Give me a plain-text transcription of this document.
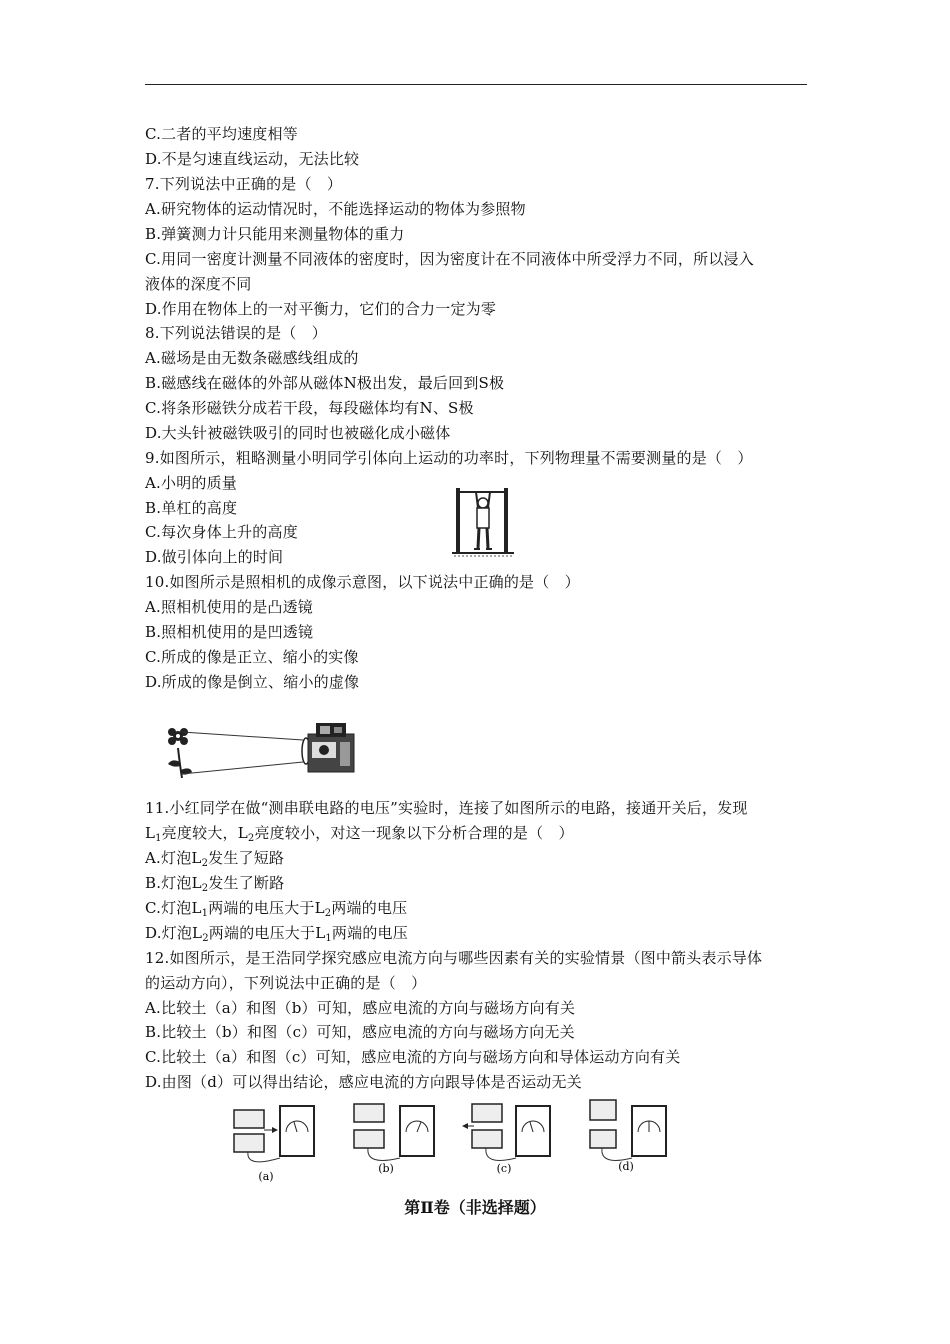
C.二者的平均速度相等
D.不是匀速直线运动，无法比较
7.下列说法中正确的是（　）
A.研究物体的运动情况时，不能选择运动的物体为参照物
B.弹簧测力计只能用来测量物体的重力
C.用同一密度计测量不同液体的密度时，因为密度计在不同液体中所受浮力不同，所以浸入
液体的深度不同
D.作用在物体上的一对平衡力，它们的合力一定为零
8.下列说法错误的是（　）
A.磁场是由无数条磁感线组成的
B.磁感线在磁体的外部从磁体N极出发，最后回到S极
C.将条形磁铁分成若干段，每段磁体均有N、S极
D.大头针被磁铁吸引的同时也被磁化成小磁体
9.如图所示，粗略测量小明同学引体向上运动的功率时，下列物理量不需要测量的是（　）
A.小明的质量
B.单杠的高度
C.每次身体上升的高度
D.做引体向上的时间
10.如图所示是照相机的成像示意图，以下说法中正确的是（　）
A.照相机使用的是凸透镜
B.照相机使用的是凹透镜
C.所成的像是正立、缩小的实像
D.所成的像是倒立、缩小的虚像
11.小红同学在做“测串联电路的电压”实验时，连接了如图所示的电路，接通开关后，发现
$L_1$亮度较大，$L_2$亮度较小，对这一现象以下分析合理的是（　）
A.灯泡$L_2$发生了短路
B.灯泡$L_2$发生了断路
C.灯泡$L_1$两端的电压大于$L_2$两端的电压
D.灯泡$L_2$两端的电压大于$L_1$两端的电压
12.如图所示，是王浩同学探究感应电流方向与哪些因素有关的实验情景（图中箭头表示导体
的运动方向），下列说法中正确的是（　）
A.比较土（a）和图（b）可知，感应电流的方向与磁场方向有关
B.比较土（b）和图（c）可知，感应电流的方向与磁场方向无关
C.比较土（a）和图（c）可知，感应电流的方向与磁场方向和导体运动方向有关
D.由图（d）可以得出结论，感应电流的方向跟导体是否运动无关
(a)
(b)	(c)	(d)
第Ⅱ卷（非选择题）
